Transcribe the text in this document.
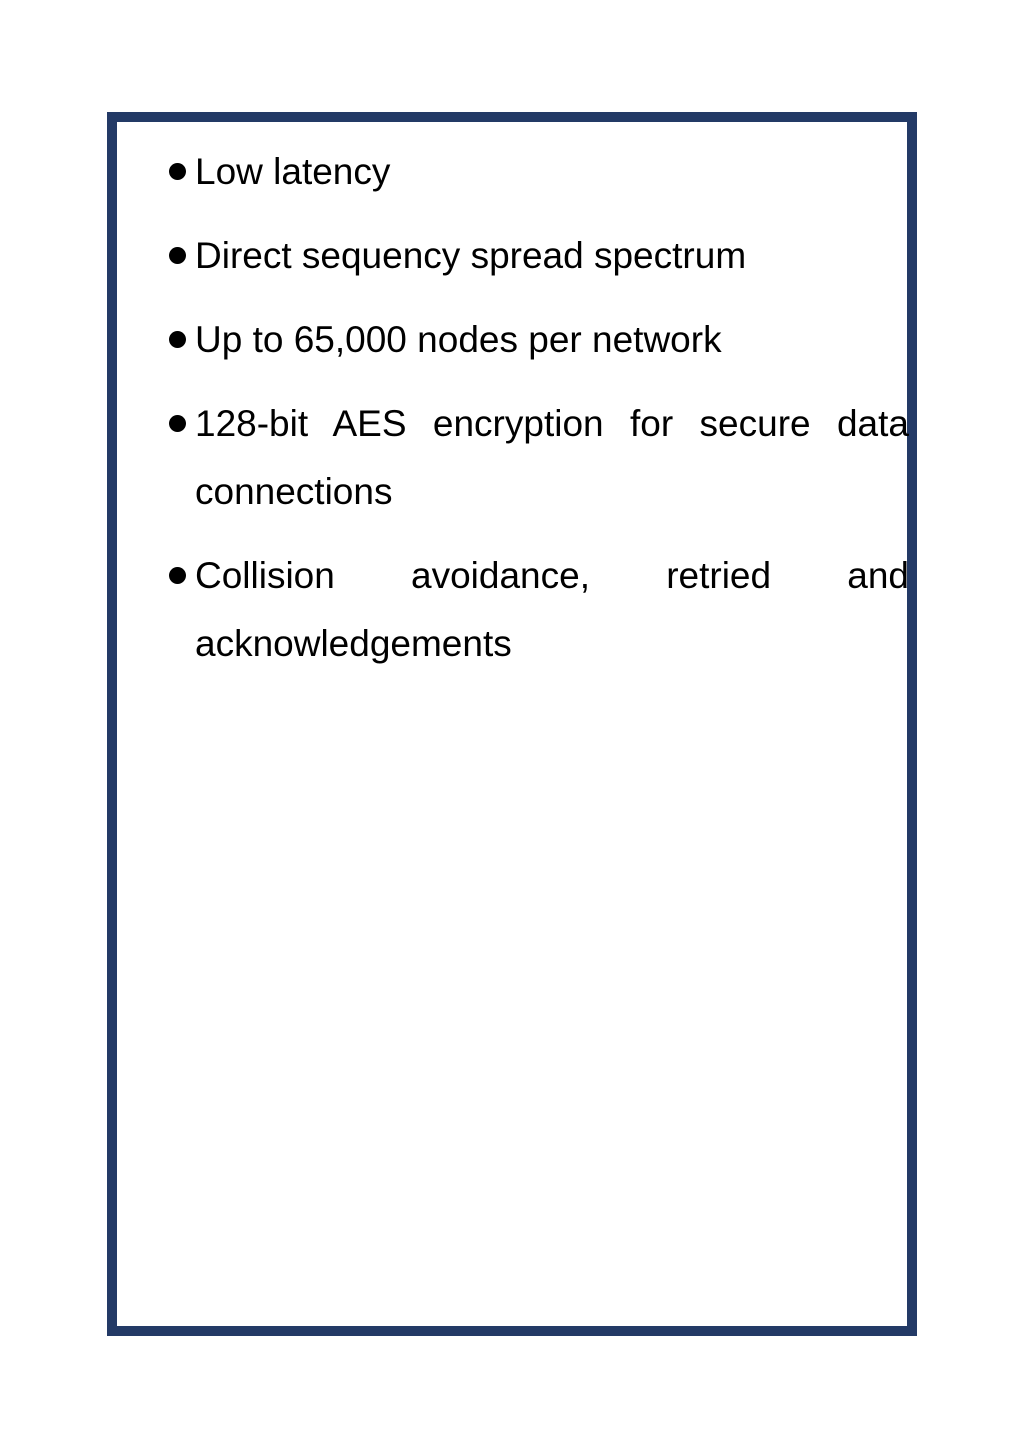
Low latency
Direct sequency spread spectrum
Up to 65,000 nodes per network
128-bit AES encryption for secure data connections
Collision avoidance, retried and
acknowledgements
